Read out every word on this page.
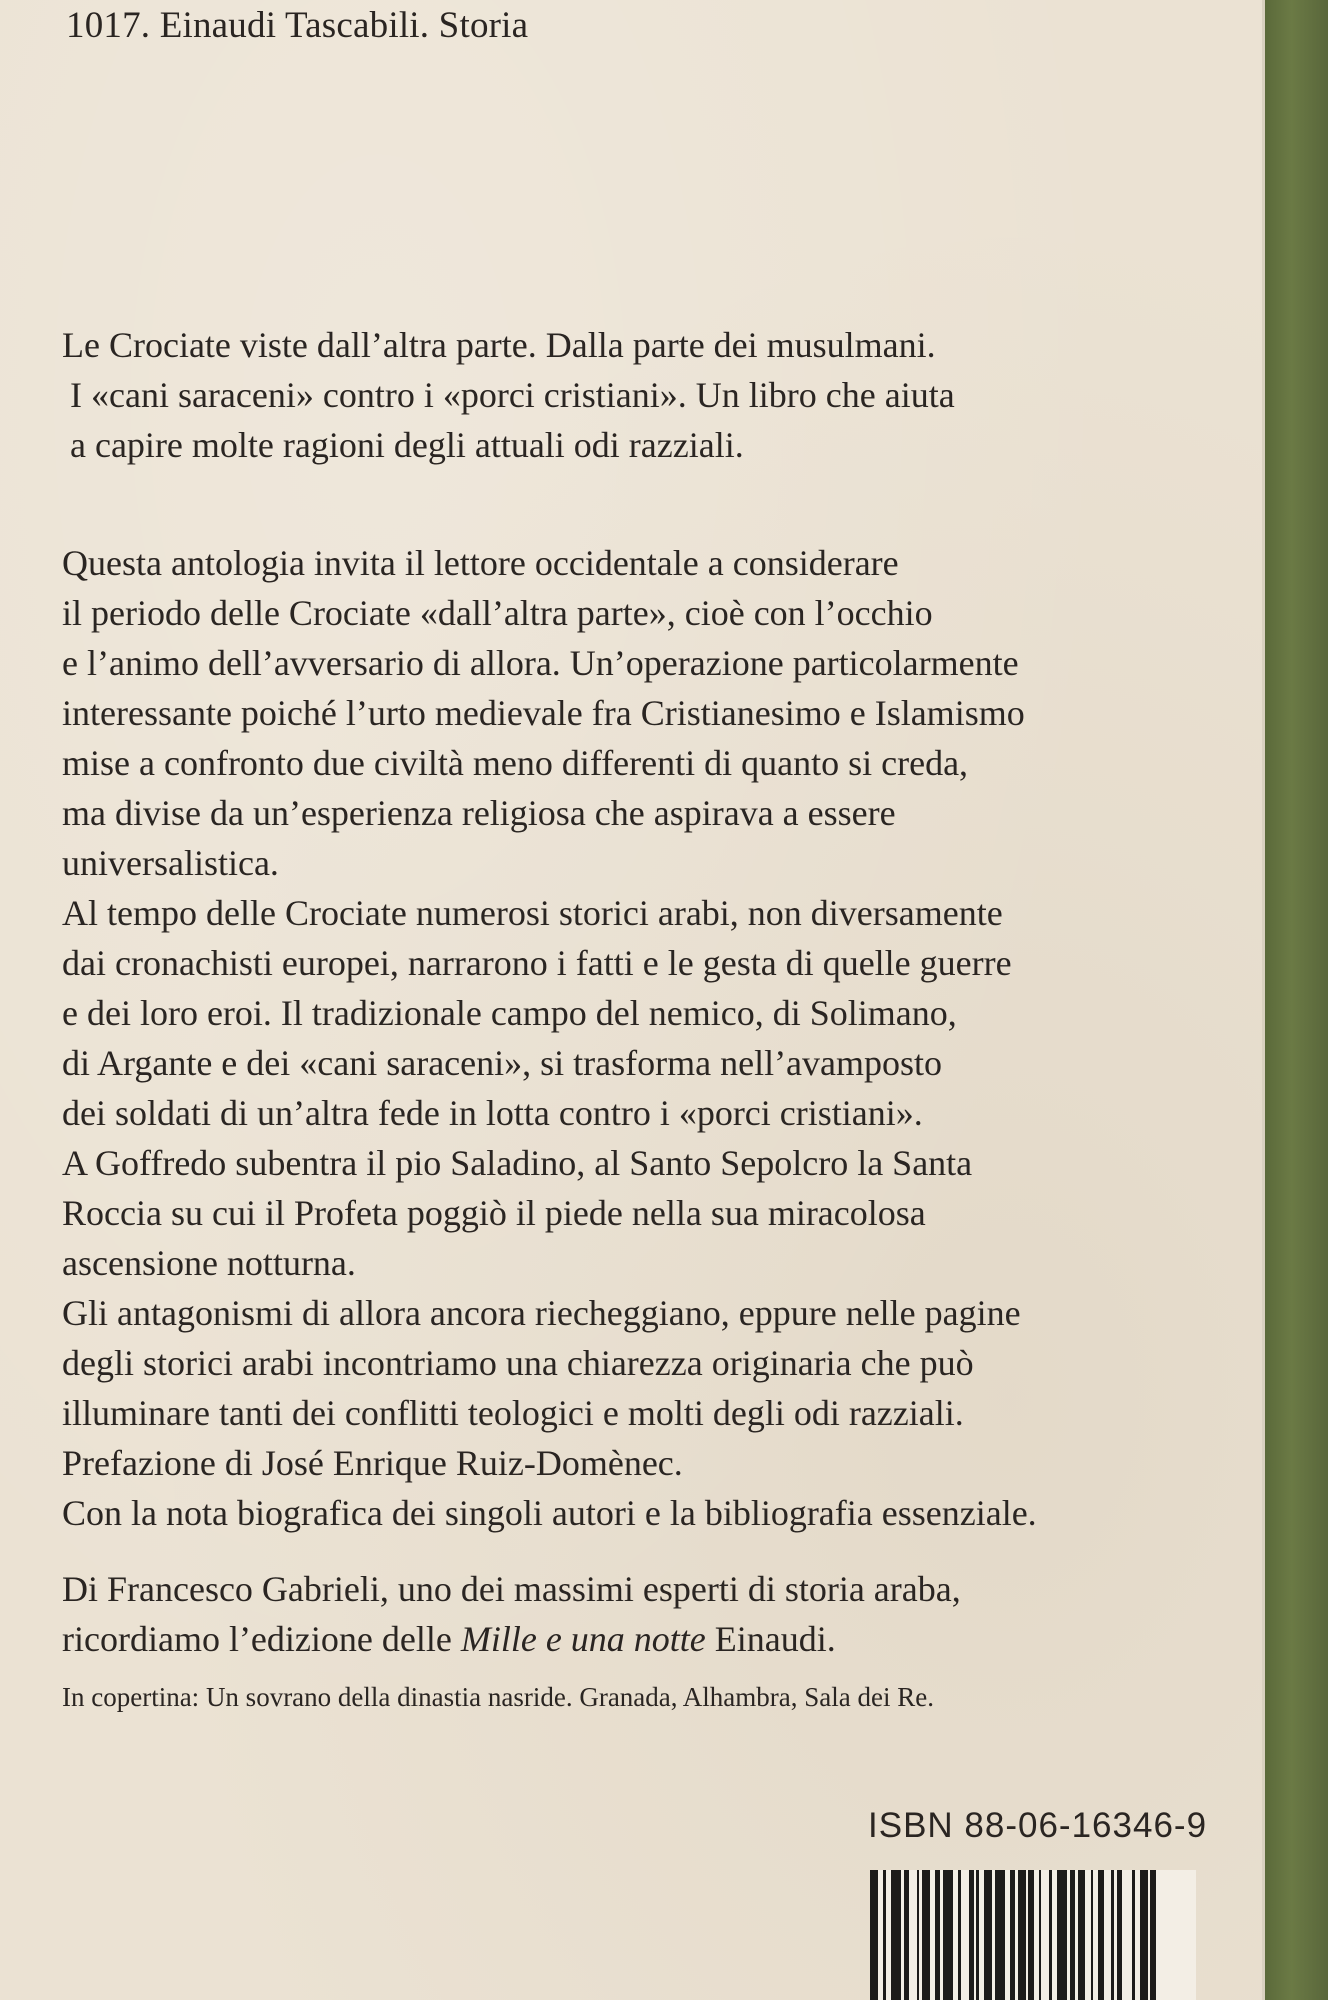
1017. Einaudi Tascabili. Storia
Le Crociate viste dall’altra parte. Dalla parte dei musulmani.
I «cani saraceni» contro i «porci cristiani». Un libro che aiuta
a capire molte ragioni degli attuali odi razziali.
Questa antologia invita il lettore occidentale a considerare
il periodo delle Crociate «dall’altra parte», cioè con l’occhio
e l’animo dell’avversario di allora. Un’operazione particolarmente
interessante poiché l’urto medievale fra Cristianesimo e Islamismo
mise a confronto due civiltà meno differenti di quanto si creda,
ma divise da un’esperienza religiosa che aspirava a essere
universalistica.
Al tempo delle Crociate numerosi storici arabi, non diversamente
dai cronachisti europei, narrarono i fatti e le gesta di quelle guerre
e dei loro eroi. Il tradizionale campo del nemico, di Solimano,
di Argante e dei «cani saraceni», si trasforma nell’avamposto
dei soldati di un’altra fede in lotta contro i «porci cristiani».
A Goffredo subentra il pio Saladino, al Santo Sepolcro la Santa
Roccia su cui il Profeta poggiò il piede nella sua miracolosa
ascensione notturna.
Gli antagonismi di allora ancora riecheggiano, eppure nelle pagine
degli storici arabi incontriamo una chiarezza originaria che può
illuminare tanti dei conflitti teologici e molti degli odi razziali.
Prefazione di José Enrique Ruiz-Domènec.
Con la nota biografica dei singoli autori e la bibliografia essenziale.
Di Francesco Gabrieli, uno dei massimi esperti di storia araba,
ricordiamo l’edizione delle Mille e una notte Einaudi.
In copertina: Un sovrano della dinastia nasride. Granada, Alhambra, Sala dei Re.
ISBN 88-06-16346-9
